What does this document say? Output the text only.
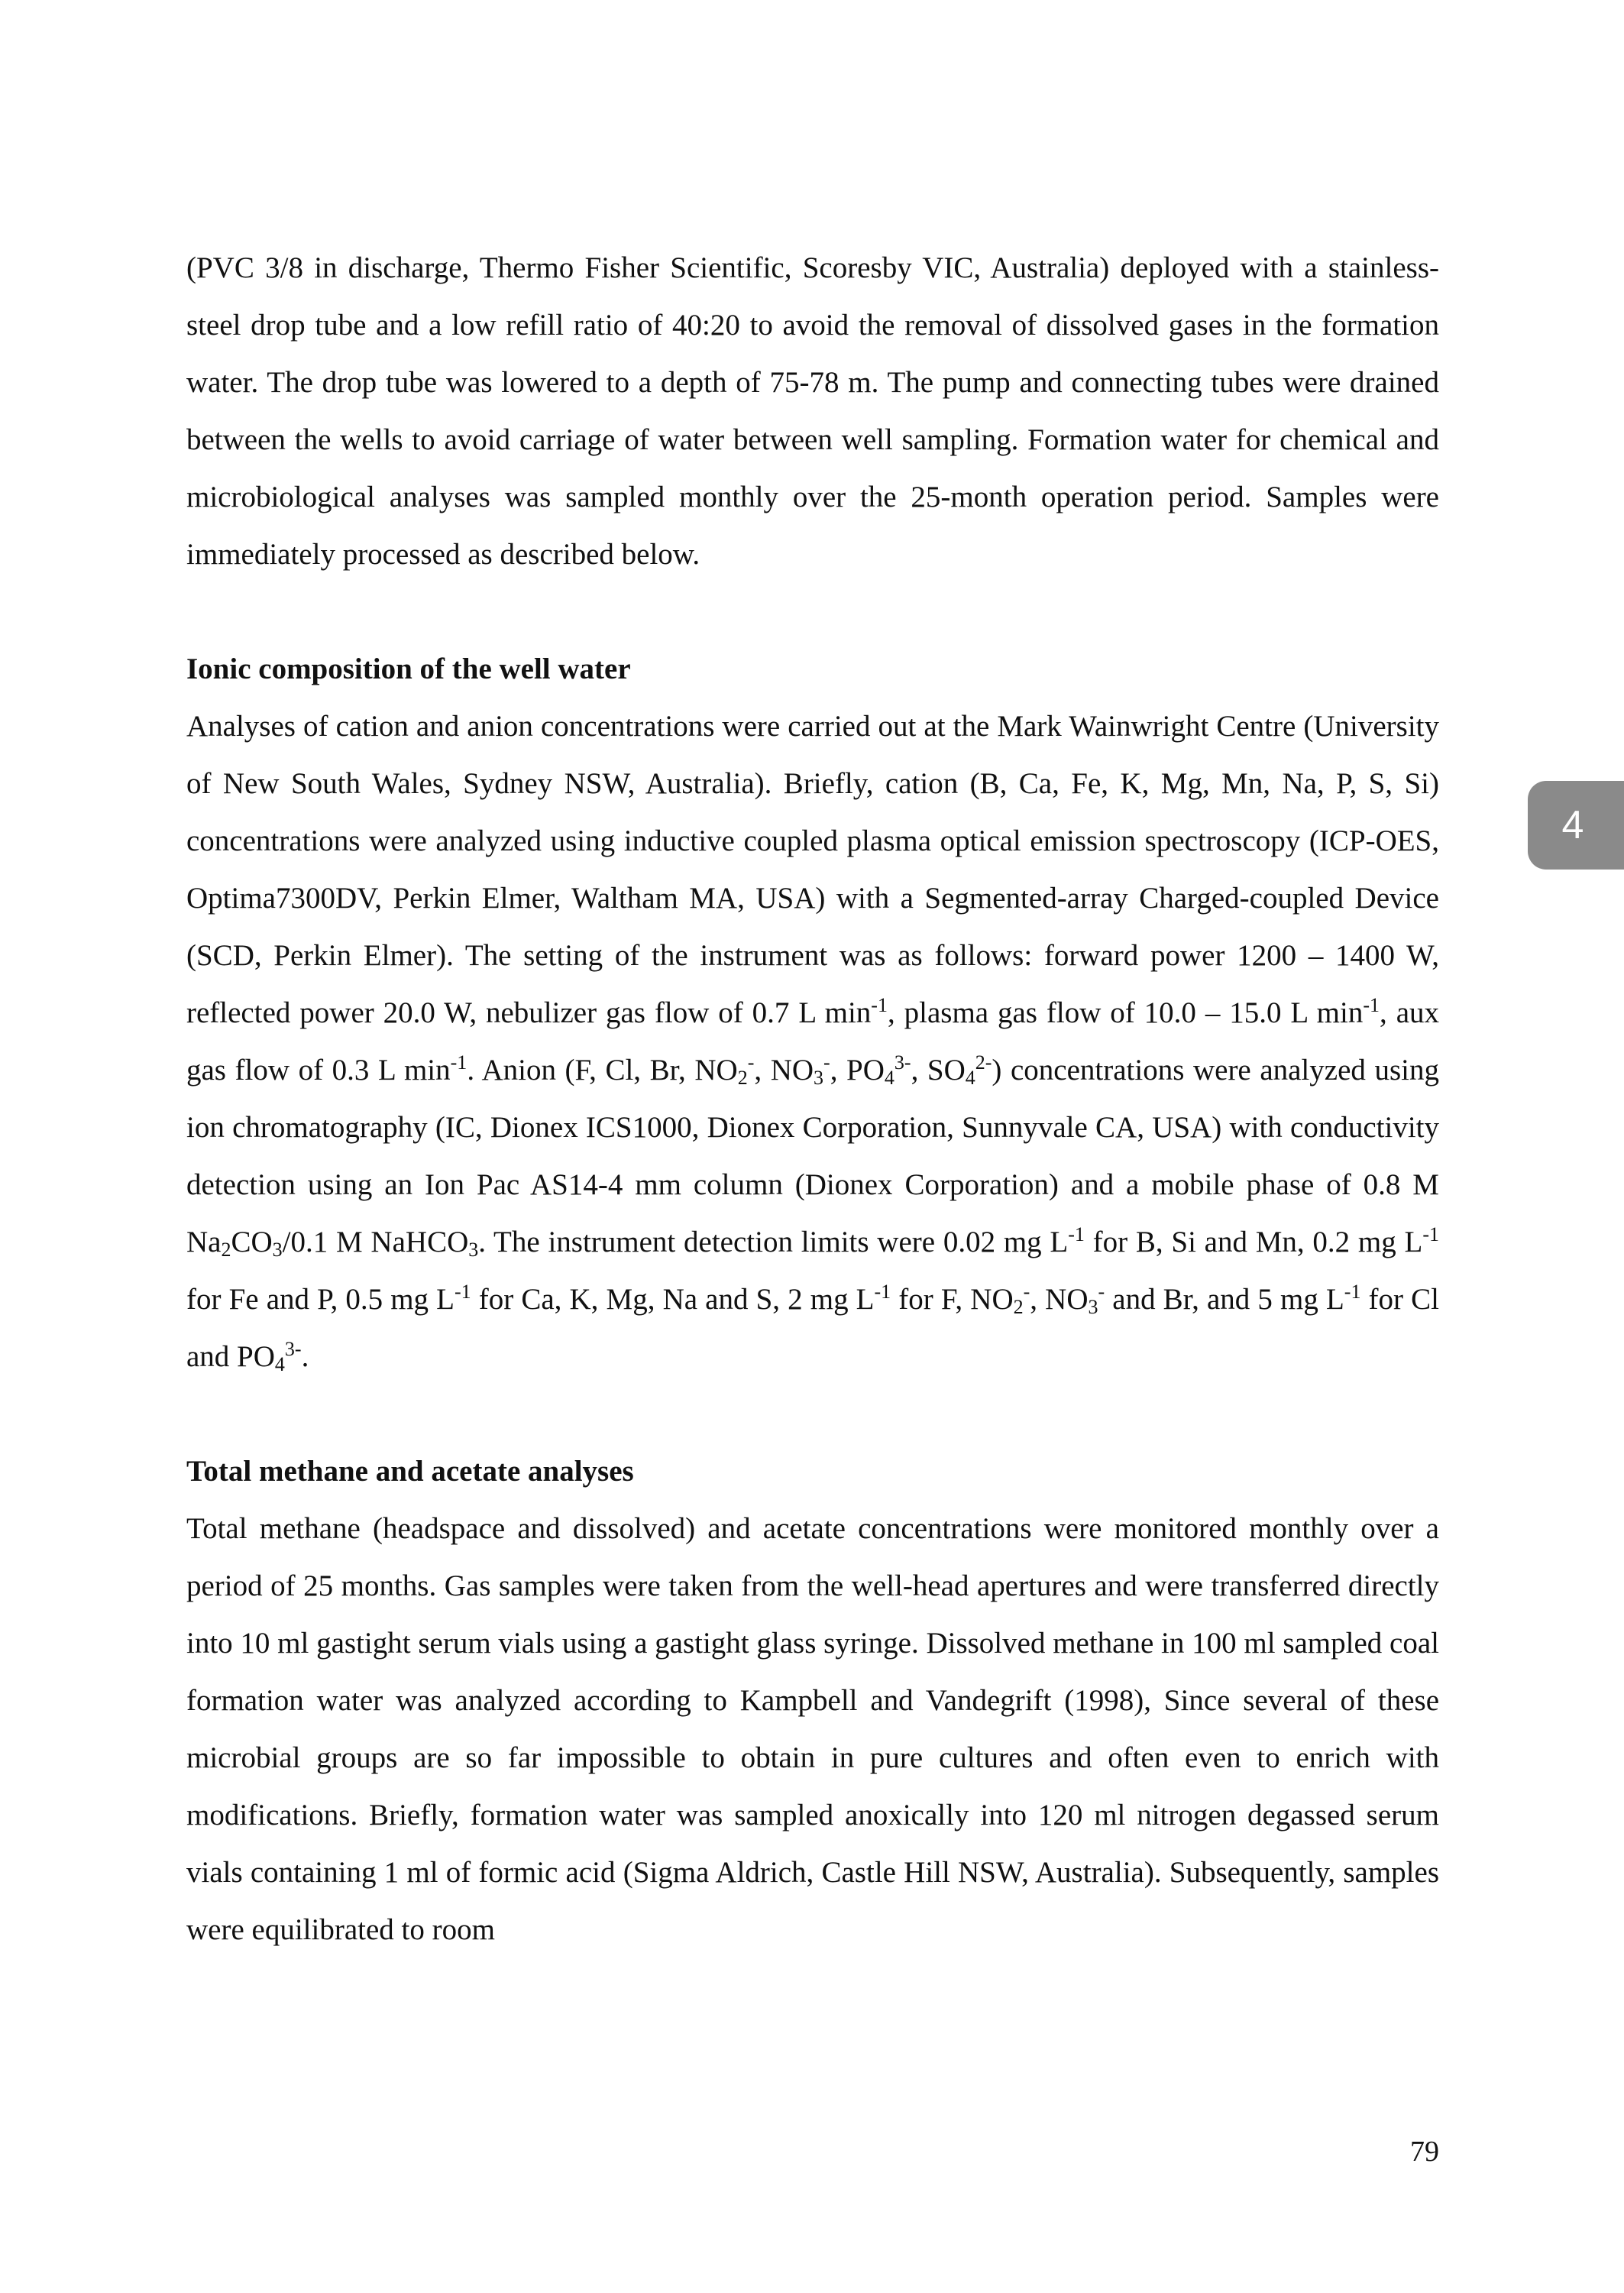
(PVC 3/8 in discharge, Thermo Fisher Scientific, Scoresby VIC, Australia) deployed with a stainless-steel drop tube and a low refill ratio of 40:20 to avoid the removal of dissolved gases in the formation water. The drop tube was lowered to a depth of 75-78 m. The pump and connecting tubes were drained between the wells to avoid carriage of water between well sampling. Formation water for chemical and microbiological analyses was sampled monthly over the 25-month operation period. Samples were immediately processed as described below.

Ionic composition of the well water

Analyses of cation and anion concentrations were carried out at the Mark Wainwright Centre (University of New South Wales, Sydney NSW, Australia). Briefly, cation (B, Ca, Fe, K, Mg, Mn, Na, P, S, Si) concentrations were analyzed using inductive coupled plasma optical emission spectroscopy (ICP-OES, Optima7300DV, Perkin Elmer, Waltham MA, USA) with a Segmented-array Charged-coupled Device (SCD, Perkin Elmer). The setting of the instrument was as follows: forward power 1200 – 1400 W, reflected power 20.0 W, nebulizer gas flow of 0.7 L $\min^{-1}$, plasma gas flow of 10.0 – 15.0 L $\min^{-1}$, aux gas flow of 0.3 L $\min^{-1}$. Anion (F, Cl, Br, $NO_2^-$, $NO_3^-$, $PO_4^{3-}$, $SO_4^{2-}$) concentrations were analyzed using ion chromatography (IC, Dionex ICS1000, Dionex Corporation, Sunnyvale CA, USA) with conductivity detection using an Ion Pac AS14-4 mm column (Dionex Corporation) and a mobile phase of 0.8 M $Na_2CO_3/0.1$ M NaHCO$_3$. The instrument detection limits were 0.02 mg $L^{-1}$ for B, Si and Mn, 0.2 mg $L^{-1}$ for Fe and P, 0.5 mg $L^{-1}$ for Ca, K, Mg, Na and S, 2 mg $L^{-1}$ for F, $NO_2^-$, $NO_3^-$ and Br, and 5 mg $L^{-1}$ for Cl and $PO_4^{3-}$.

Total methane and acetate analyses

Total methane (headspace and dissolved) and acetate concentrations were monitored monthly over a period of 25 months. Gas samples were taken from the well-head apertures and were transferred directly into 10 ml gastight serum vials using a gastight glass syringe. Dissolved methane in 100 ml sampled coal formation water was analyzed according to Kampbell and Vandegrift (1998), Since several of these microbial groups are so far impossible to obtain in pure cultures and often even to enrich with modifications. Briefly, formation water was sampled anoxically into 120 ml nitrogen degassed serum vials containing 1 ml of formic acid (Sigma Aldrich, Castle Hill NSW, Australia). Subsequently, samples were equilibrated to room

4
79
